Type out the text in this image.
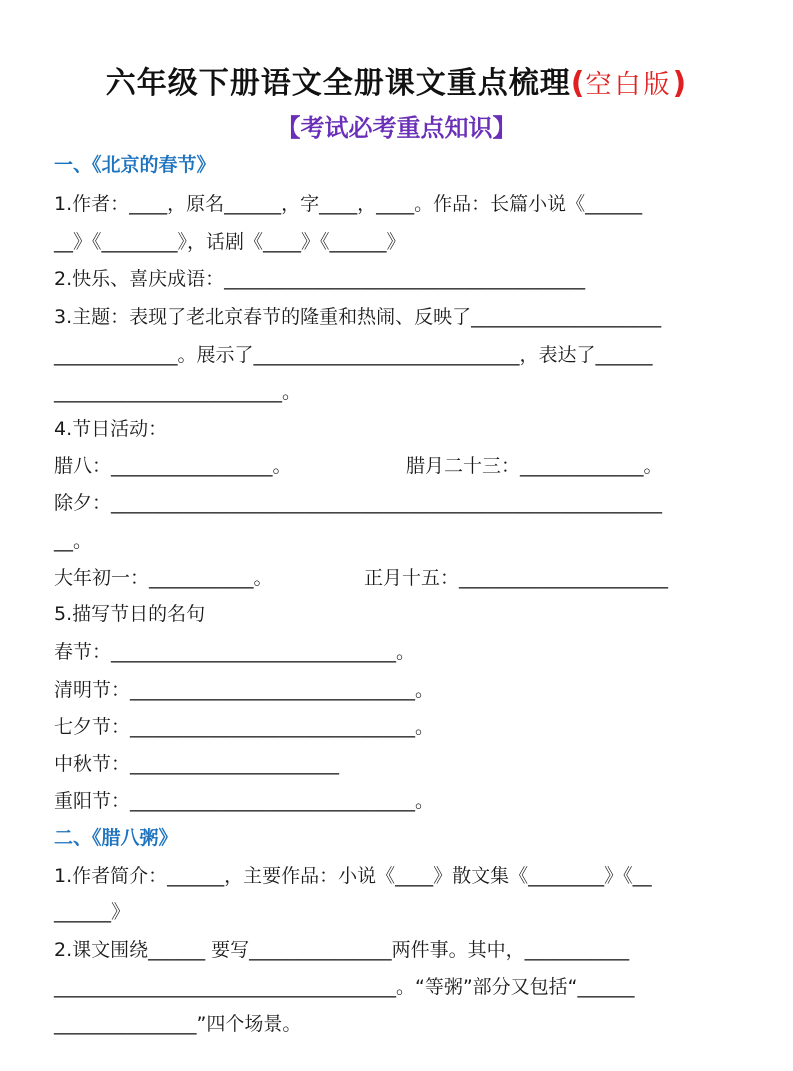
六年级下册语文全册课文重点梳理(空白版)
【考试必考重点知识】
一、《北京的春节》
1.作者：____，原名______，字____，____。作品：长篇小说《______
__》《________》，话剧《____》《______》
2.快乐、喜庆成语：______________________________________
3.主题：表现了老北京春节的隆重和热闹、反映了____________________
_____________。展示了____________________________，表达了______
________________________。
4.节日活动：
腊八：_________________。	腊月二十三：_____________。
除夕：__________________________________________________________
__。
大年初一：___________。	正月十五：______________________
5.描写节日的名句
春节：______________________________。
清明节：______________________________。
七夕节：______________________________。
中秋节：______________________
重阳节：______________________________。
二、《腊八粥》
1.作者简介：______，主要作品：小说《____》散文集《________》《__
______》
2.课文围绕______ 要写_______________两件事。其中，___________
____________________________________。“等粥”部分又包括“______
_______________”四个场景。
